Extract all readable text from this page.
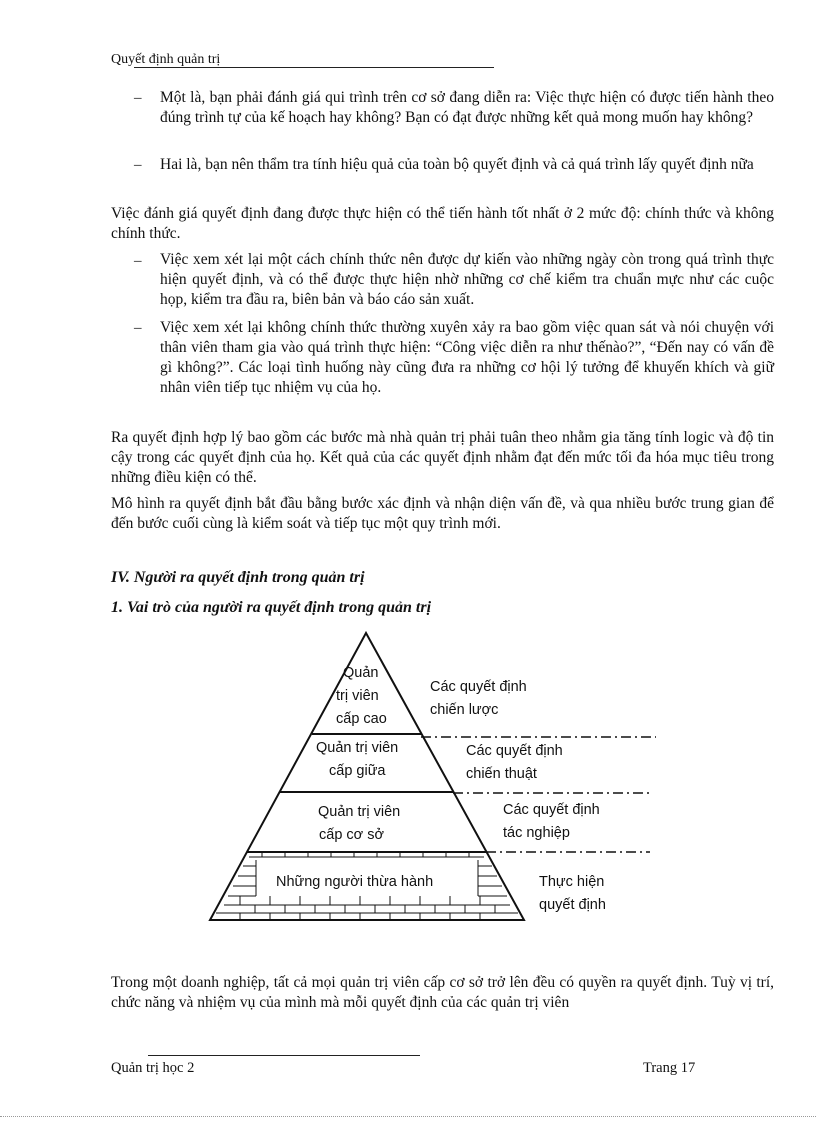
Quyết định quản trị
– Một là, bạn phải đánh giá qui trình trên cơ sở đang diễn ra: Việc thực hiện có được tiến hành theo đúng trình tự của kế hoạch hay không? Bạn có đạt được những kết quả mong muốn hay không?
– Hai là, bạn nên thẩm tra tính hiệu quả của toàn bộ quyết định và cả quá trình lấy quyết định nữa
Việc đánh giá quyết định đang được thực hiện có thể tiến hành tốt nhất ở 2 mức độ: chính thức và không chính thức.
– Việc xem xét lại một cách chính thức nên được dự kiến vào những ngày còn trong quá trình thực hiện quyết định, và có thể được thực hiện nhờ những cơ chế kiểm tra chuẩn mực như các cuộc họp, kiểm tra đầu ra, biên bản và báo cáo sản xuất.
– Việc xem xét lại không chính thức thường xuyên xảy ra bao gồm việc quan sát và nói chuyện với thân viên tham gia vào quá trình thực hiện: “Công việc diễn ra như thếnào?”, “Đến nay có vấn đề gì không?”. Các loại tình huống này cũng đưa ra những cơ hội lý tưởng để khuyến khích và giữ nhân viên tiếp tục nhiệm vụ của họ.
Ra quyết định hợp lý bao gồm các bước mà nhà quản trị phải tuân theo nhằm gia tăng tính logic và độ tin cậy trong các quyết định của họ. Kết quả của các quyết định nhằm đạt đến mức tối đa hóa mục tiêu trong những điều kiện có thể.
Mô hình ra quyết định bắt đầu bằng bước xác định và nhận diện vấn đề, và qua nhiều bước trung gian để đến bước cuối cùng là kiểm soát và tiếp tục một quy trình mới.
IV. Người ra quyết định trong quản trị
1. Vai trò của người ra quyết định trong quản trị
Quản
trị viên
cấp cao
Các quyết định
chiến lược
Quản trị viên
cấp giữa
Các quyết định
chiến thuật
Quản trị viên
cấp cơ sở
Các quyết định
tác nghiệp
Những người thừa hành	Thực hiện
quyết định
Trong một doanh nghiệp, tất cả mọi quản trị viên cấp cơ sở trở lên đều có quyền ra quyết định. Tuỳ vị trí, chức năng và nhiệm vụ của mình mà mỗi quyết định của các quản trị viên
Quản trị học 2	Trang 17
